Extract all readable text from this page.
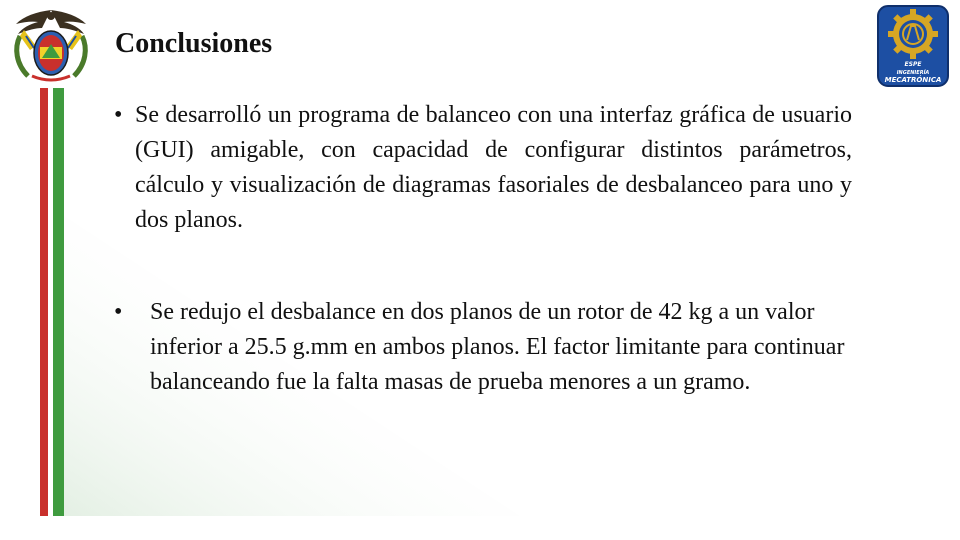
ESPE
INGENIERÍA
MECATRÓNICA
Conclusiones
• Se desarrolló un programa de balanceo con una interfaz gráfica de usuario (GUI) amigable, con capacidad de configurar distintos parámetros, cálculo y visualización de diagramas fasoriales de desbalanceo para uno y dos planos.
• Se redujo el desbalance en dos planos de un rotor de 42 kg a un valor inferior a 25.5 g.mm en ambos planos. El factor limitante para continuar balanceando fue la falta masas de prueba menores a un gramo.
